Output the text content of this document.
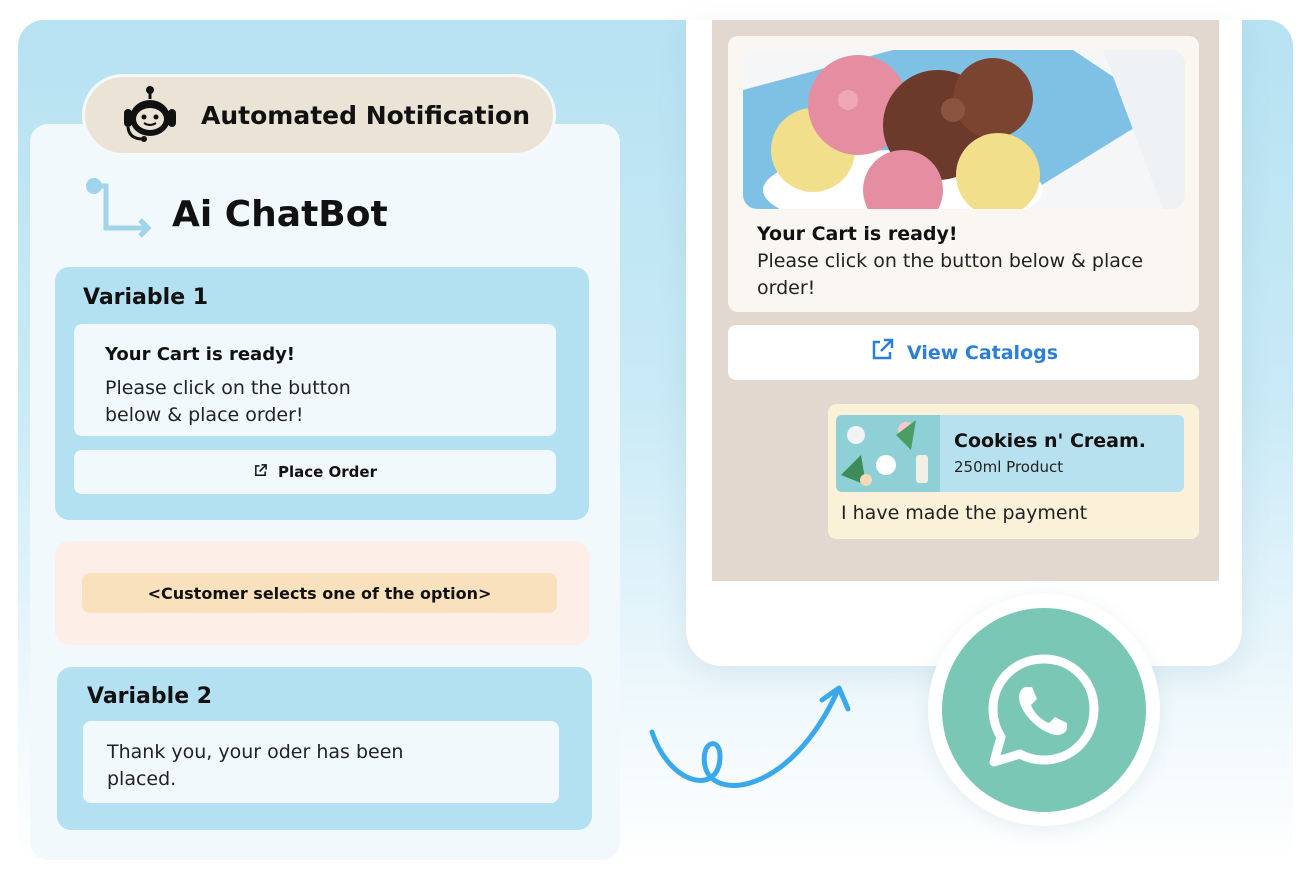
Automated Notification
Ai ChatBot
Variable 1
Your Cart is ready!
Please click on the button below & place order!
Place Order
<Customer selects one of the option>
Variable 2
Thank you, your oder has been placed.
Your Cart is ready!
Please click on the button below & place order!
View Catalogs
Cookies n' Cream.
250ml Product
I have made the payment
